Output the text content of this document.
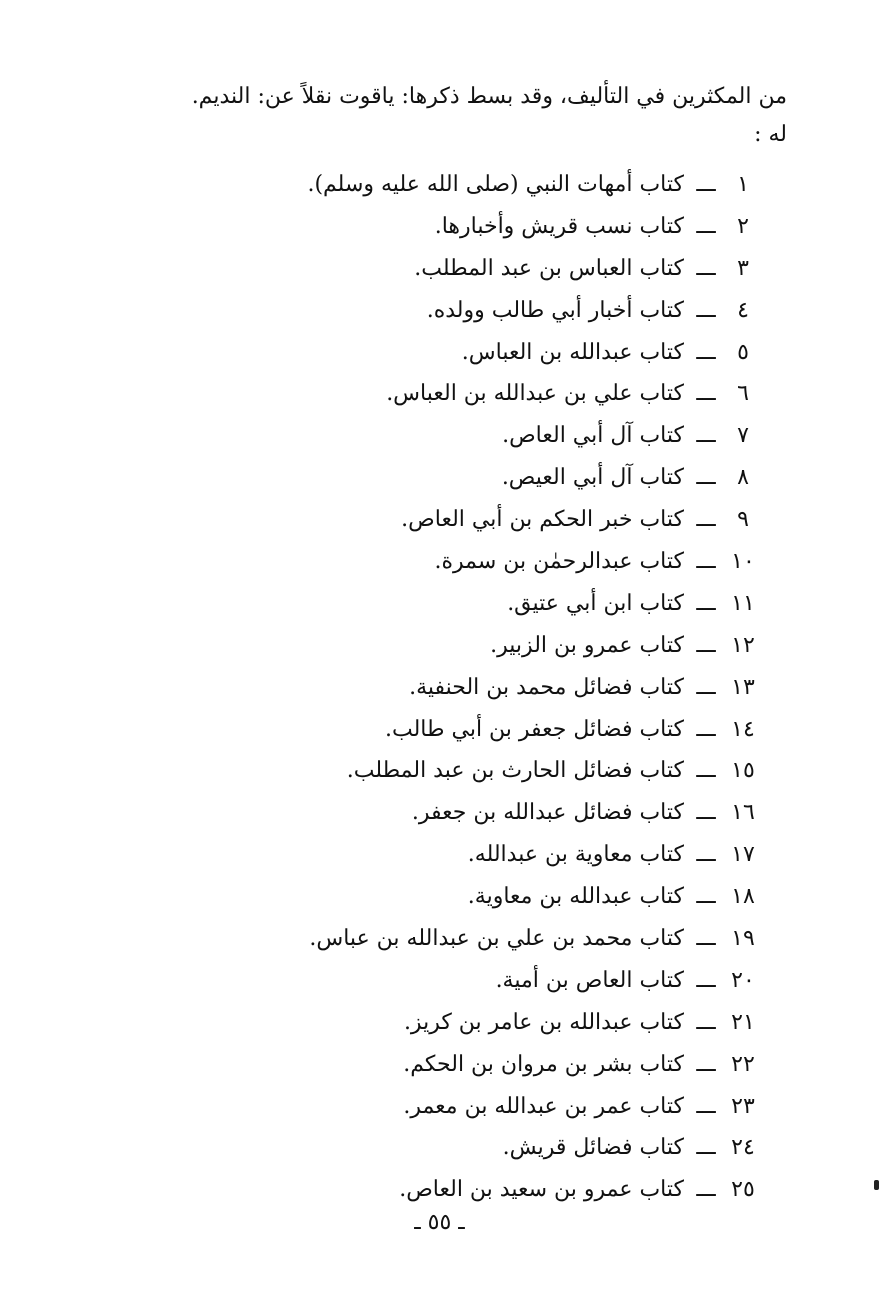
من المكثرين في التأليف، وقد بسط ذكرها: ياقوت نقلاً عن: النديم.

له :

١
ـــ
كتاب أمهات النبي (صلى الله عليه وسلم).
٢
ـــ
كتاب نسب قريش وأخبارها.
٣
ـــ
كتاب العباس بن عبد المطلب.
٤
ـــ
كتاب أخبار أبي طالب وولده.
٥
ـــ
كتاب عبدالله بن العباس.
٦
ـــ
كتاب علي بن عبدالله بن العباس.
٧
ـــ
كتاب آل أبي العاص.
٨
ـــ
كتاب آل أبي العيص.
٩
ـــ
كتاب خبر الحكم بن أبي العاص.
١٠
ـــ
كتاب عبدالرحمٰن بن سمرة.
١١
ـــ
كتاب ابن أبي عتيق.
١٢
ـــ
كتاب عمرو بن الزبير.
١٣
ـــ
كتاب فضائل محمد بن الحنفية.
١٤
ـــ
كتاب فضائل جعفر بن أبي طالب.
١٥
ـــ
كتاب فضائل الحارث بن عبد المطلب.
١٦
ـــ
كتاب فضائل عبدالله بن جعفر.
١٧
ـــ
كتاب معاوية بن عبدالله.
١٨
ـــ
كتاب عبدالله بن معاوية.
١٩
ـــ
كتاب محمد بن علي بن عبدالله بن عباس.
٢٠
ـــ
كتاب العاص بن أمية.
٢١
ـــ
كتاب عبدالله بن عامر بن كريز.
٢٢
ـــ
كتاب بشر بن مروان بن الحكم.
٢٣
ـــ
كتاب عمر بن عبدالله بن معمر.
٢٤
ـــ
كتاب فضائل قريش.
٢٥
ـــ
كتاب عمرو بن سعيد بن العاص.
ـ ٥٥ ـ
